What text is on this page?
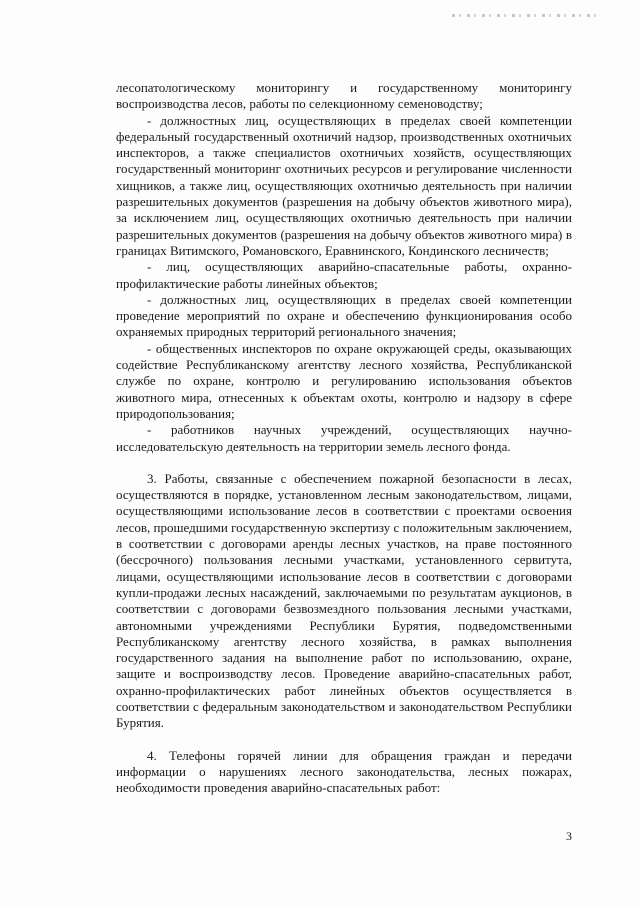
лесопатологическому мониторингу и государственному мониторингу воспроизводства лесов, работы по селекционному семеноводству;

- должностных лиц, осуществляющих в пределах своей компетенции федеральный государственный охотничий надзор, производственных охотничьих инспекторов, а также специалистов охотничьих хозяйств, осуществляющих государственный мониторинг охотничьих ресурсов и регулирование численности хищников, а также лиц, осуществляющих охотничью деятельность при наличии разрешительных документов (разрешения на добычу объектов животного мира), за исключением лиц, осуществляющих охотничью деятельность при наличии разрешительных документов (разрешения на добычу объектов животного мира) в границах Витимского, Романовского, Еравнинского, Кондинского лесничеств;

- лиц, осуществляющих аварийно-спасательные работы, охранно-профилактические работы линейных объектов;

- должностных лиц, осуществляющих в пределах своей компетенции проведение мероприятий по охране и обеспечению функционирования особо охраняемых природных территорий регионального значения;

- общественных инспекторов по охране окружающей среды, оказывающих содействие Республиканскому агентству лесного хозяйства, Республиканской службе по охране, контролю и регулированию использования объектов животного мира, отнесенных к объектам охоты, контролю и надзору в сфере природопользования;

- работников научных учреждений, осуществляющих научно-исследовательскую деятельность на территории земель лесного фонда.

3. Работы, связанные с обеспечением пожарной безопасности в лесах, осуществляются в порядке, установленном лесным законодательством, лицами, осуществляющими использование лесов в соответствии с проектами освоения лесов, прошедшими государственную экспертизу с положительным заключением, в соответствии с договорами аренды лесных участков, на праве постоянного (бессрочного) пользования лесными участками, установленного сервитута, лицами, осуществляющими использование лесов в соответствии с договорами купли-продажи лесных насаждений, заключаемыми по результатам аукционов, в соответствии с договорами безвозмездного пользования лесными участками, автономными учреждениями Республики Бурятия, подведомственными Республиканскому агентству лесного хозяйства, в рамках выполнения государственного задания на выполнение работ по использованию, охране, защите и воспроизводству лесов. Проведение аварийно-спасательных работ, охранно-профилактических работ линейных объектов осуществляется в соответствии с федеральным законодательством и законодательством Республики Бурятия.

4. Телефоны горячей линии для обращения граждан и передачи информации о нарушениях лесного законодательства, лесных пожарах, необходимости проведения аварийно-спасательных работ:

3
